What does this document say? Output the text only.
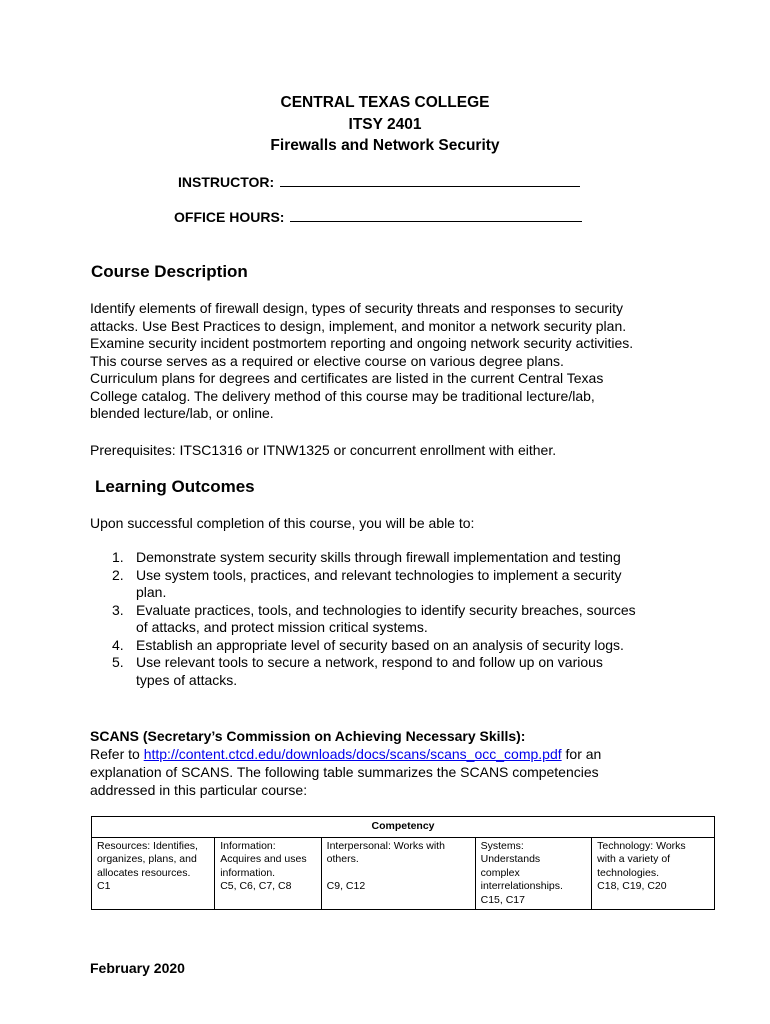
CENTRAL TEXAS COLLEGE
ITSY 2401
Firewalls and Network Security
INSTRUCTOR:
OFFICE HOURS:
Course Description
Identify elements of firewall design, types of security threats and responses to security
attacks. Use Best Practices to design, implement, and monitor a network security plan.
Examine security incident postmortem reporting and ongoing network security activities.
This course serves as a required or elective course on various degree plans.
Curriculum plans for degrees and certificates are listed in the current Central Texas
College catalog. The delivery method of this course may be traditional lecture/lab,
blended lecture/lab, or online.
Prerequisites: ITSC1316 or ITNW1325 or concurrent enrollment with either.
Learning Outcomes
Upon successful completion of this course, you will be able to:
1. Demonstrate system security skills through firewall implementation and testing
2. Use system tools, practices, and relevant technologies to implement a security
plan.
3. Evaluate practices, tools, and technologies to identify security breaches, sources
of attacks, and protect mission critical systems.
4. Establish an appropriate level of security based on an analysis of security logs.
5. Use relevant tools to secure a network, respond to and follow up on various
types of attacks.
SCANS (Secretary’s Commission on Achieving Necessary Skills):
Refer to http://content.ctcd.edu/downloads/docs/scans/scans_occ_comp.pdf for an
explanation of SCANS. The following table summarizes the SCANS competencies
addressed in this particular course:
Competency

Resources: Identifies,
organizes, plans, and
allocates resources.
C1

Information:
Acquires and uses
information.
C5, C6, C7, C8

Interpersonal: Works with
others.

C9, C12

Systems:
Understands
complex
interrelationships.
C15, C17

Technology: Works
with a variety of
technologies.
C18, C19, C20
February 2020
